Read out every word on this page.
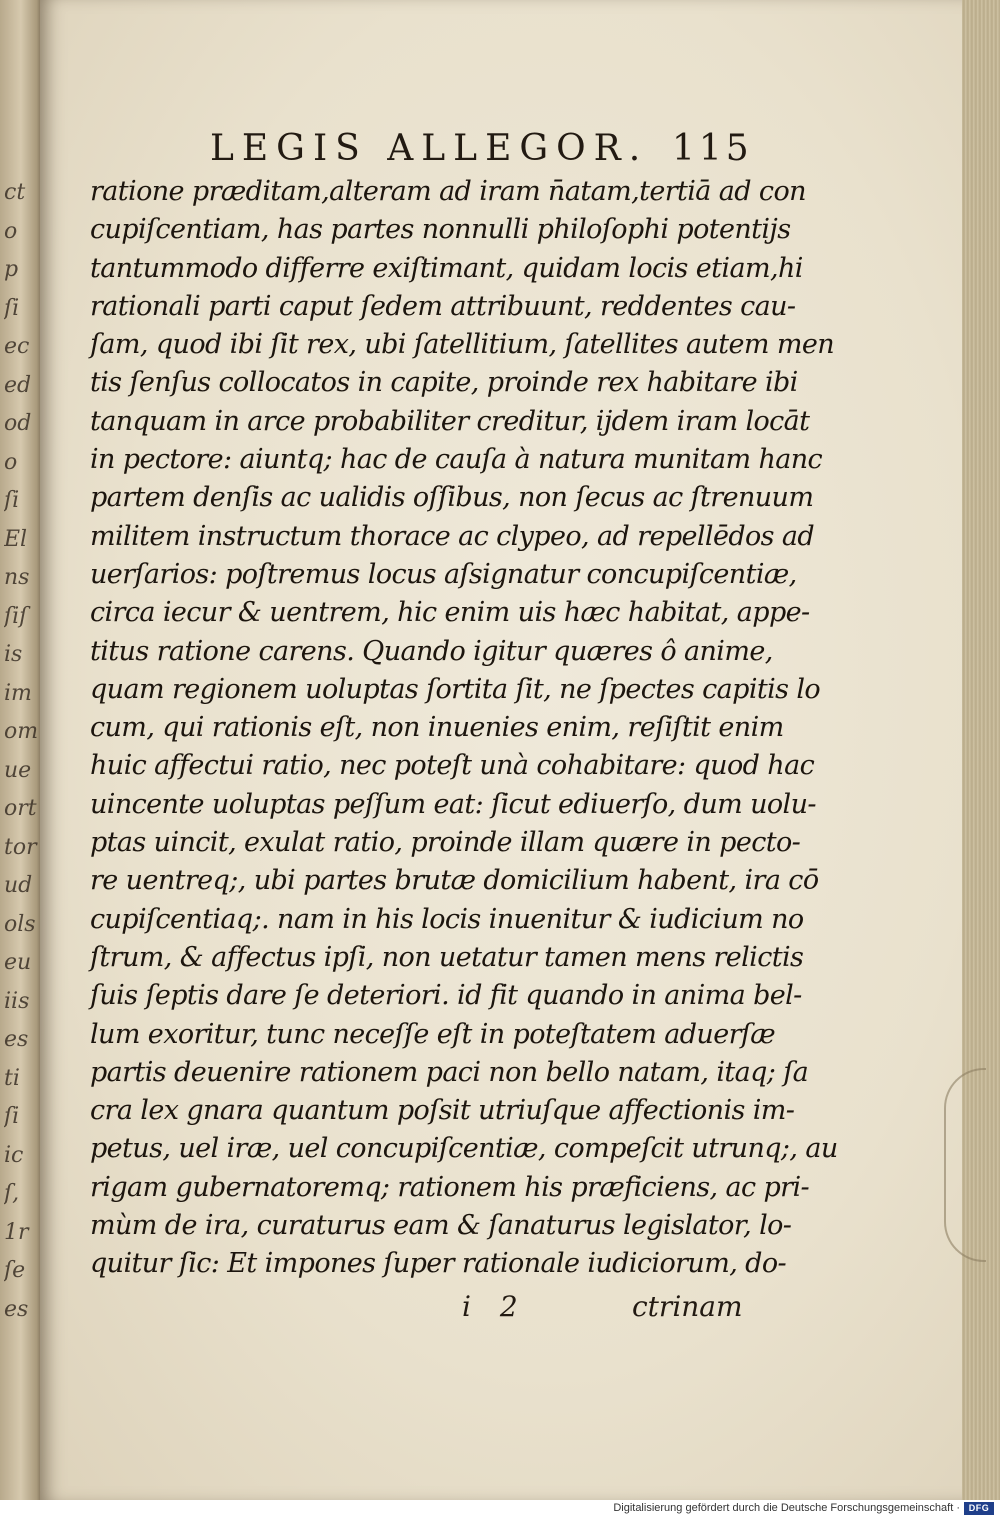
ct
o
p
ſi
ec
ed
od
o
ſi
El
ns
ſiſ
is
im
om
ue
ort
tor
ud
ols
eu
iis
es
ti
ſi
ic
ſ,
1r
ſe
es
LEGIS ALLEGOR. 115
ratione præditam,alteram ad iram n̄atam,tertiā ad con
cupiſcentiam, has partes nonnulli philoſophi potentijs
tantummodo differre exiſtimant, quidam locis etiam,hi
rationali parti caput ſedem attribuunt, reddentes cau-
ſam, quod ibi ſit rex, ubi ſatellitium, ſatellites autem men
tis ſenſus collocatos in capite, proinde rex habitare ibi
tanquam in arce probabiliter creditur, ijdem iram locāt
in pectore: aiuntq; hac de cauſa à natura munitam hanc
partem denſis ac ualidis oſſibus, non ſecus ac ſtrenuum
militem instructum thorace ac clypeo, ad repellēdos ad
uerſarios: poſtremus locus aſsignatur concupiſcentiæ,
circa iecur & uentrem, hic enim uis hæc habitat, appe-
titus ratione carens. Quando igitur quæres ô anime,
quam regionem uoluptas ſortita ſit, ne ſpectes capitis lo
cum, qui rationis eſt, non inuenies enim, reſiſtit enim
huic affectui ratio, nec poteſt unà cohabitare: quod hac
uincente uoluptas peſſum eat: ſicut ediuerſo, dum uolu-
ptas uincit, exulat ratio, proinde illam quære in pecto-
re uentreq;, ubi partes brutæ domicilium habent, ira cō
cupiſcentiaq;. nam in his locis inuenitur & iudicium no
ſtrum, & affectus ipſi, non uetatur tamen mens relictis
ſuis ſeptis dare ſe deteriori. id fit quando in anima bel-
lum exoritur, tunc neceſſe eſt in poteſtatem aduerſæ
partis deuenire rationem paci non bello natam, itaq; ſa
cra lex gnara quantum poſsit utriuſque affectionis im-
petus, uel iræ, uel concupiſcentiæ, compeſcit utrunq;, au
rigam gubernatoremq; rationem his præficiens, ac pri-
mùm de ira, curaturus eam & ſanaturus legislator, lo-
quitur ſic: Et impones ſuper rationale iudiciorum, do-
i 2	ctrinam
Digitalisierung gefördert durch die Deutsche Forschungsgemeinschaft · DFG
